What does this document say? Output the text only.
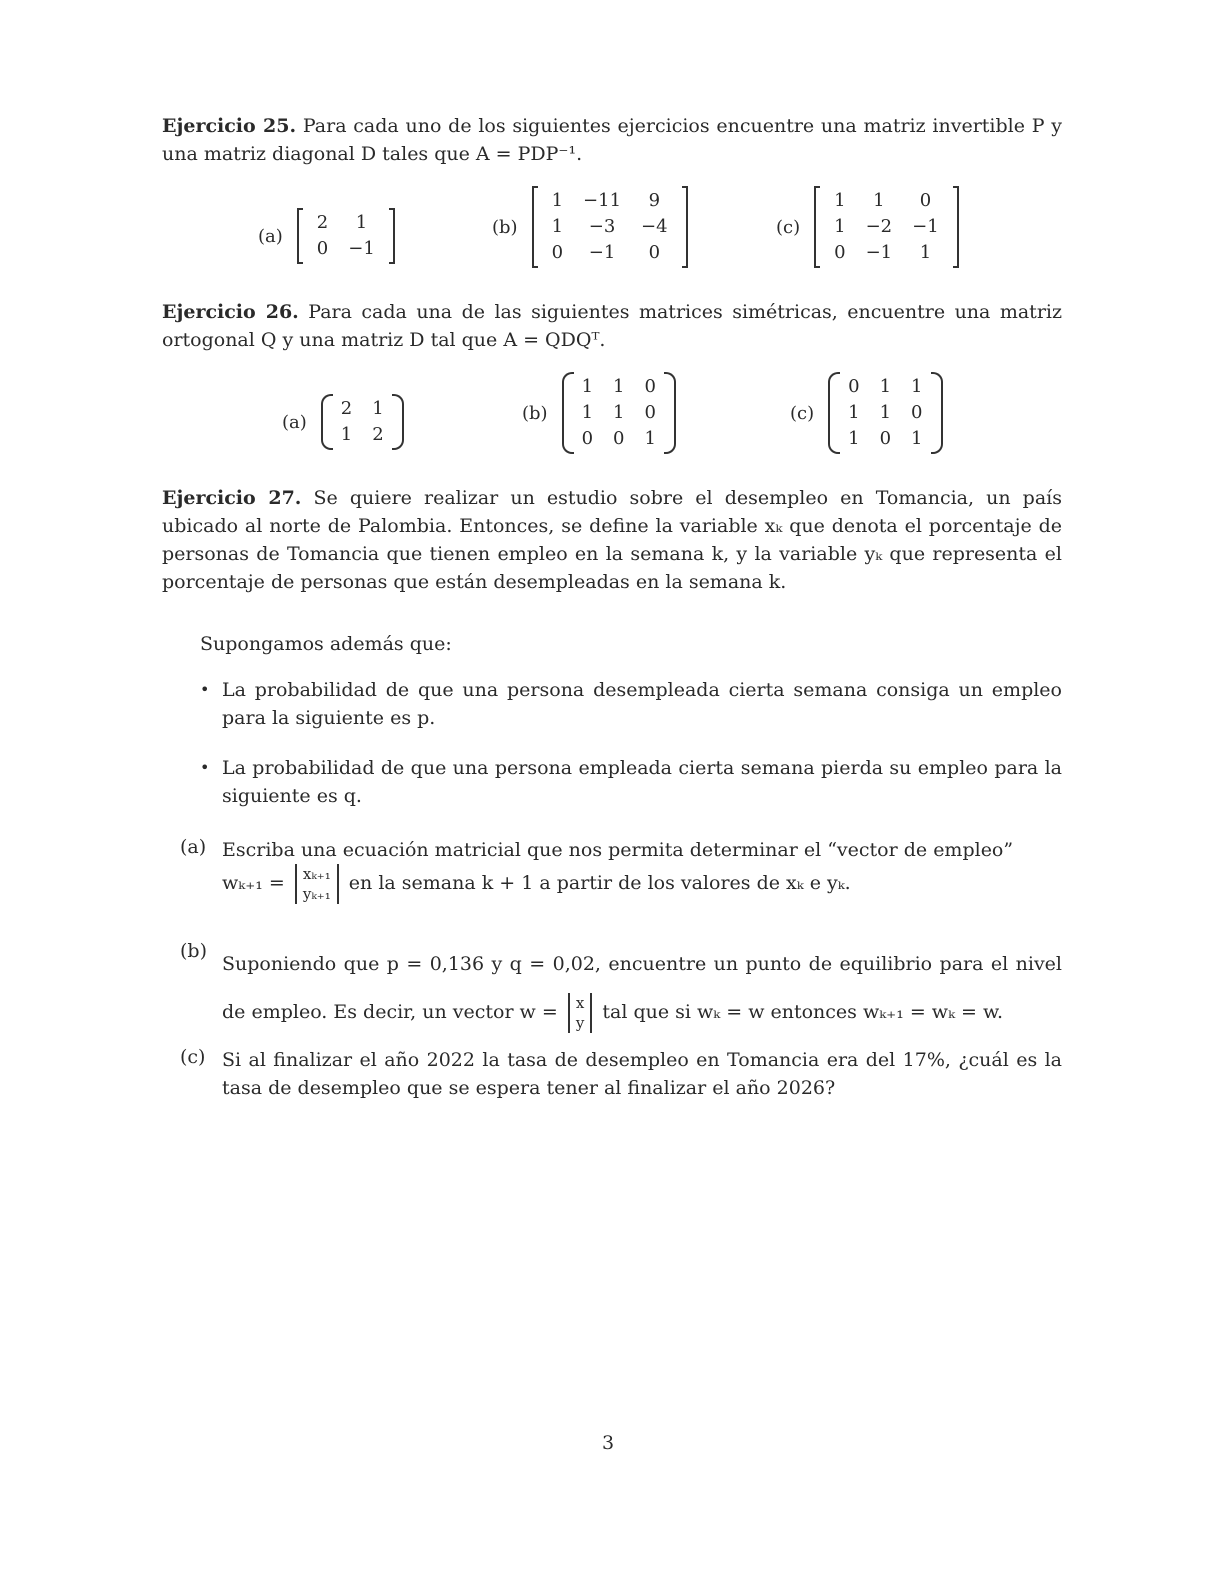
Ejercicio 25. Para cada uno de los siguientes ejercicios encuentre una matriz invertible P y una matriz diagonal D tales que A = PDP⁻¹.
(a)
2	1
0	−1
(b)
1	−11	9
1	−3	−4
0	−1	0
(c)
1	1	0
1	−2	−1
0	−1	1
Ejercicio 26. Para cada una de las siguientes matrices simétricas, encuentre una matriz ortogonal Q y una matriz D tal que A = QDQᵀ.
(a)
2	1
1	2
(b)
1	1	0
1	1	0
0	0	1
(c)
0	1	1
1	1	0
1	0	1
Ejercicio 27. Se quiere realizar un estudio sobre el desempleo en Tomancia, un país ubicado al norte de Palombia. Entonces, se define la variable xₖ que denota el porcentaje de personas de Tomancia que tienen empleo en la semana k, y la variable yₖ que representa el porcentaje de personas que están desempleadas en la semana k.
Supongamos además que:
• La probabilidad de que una persona desempleada cierta semana consiga un empleo para la siguiente es p.
• La probabilidad de que una persona empleada cierta semana pierda su empleo para la siguiente es q.
(a) Escriba una ecuación matricial que nos permita determinar el “vector de empleo”
wₖ₊₁ = xₖ₊₁
yₖ₊₁ en la semana k + 1 a partir de los valores de xₖ e yₖ.
(b)
Suponiendo que p = 0,136 y q = 0,02, encuentre un punto de equilibrio para el nivel de empleo. Es decir, un vector w = x
y tal que si wₖ = w entonces wₖ₊₁ = wₖ = w.
(c) Si al finalizar el año 2022 la tasa de desempleo en Tomancia era del 17%, ¿cuál es la tasa de desempleo que se espera tener al finalizar el año 2026?
3
